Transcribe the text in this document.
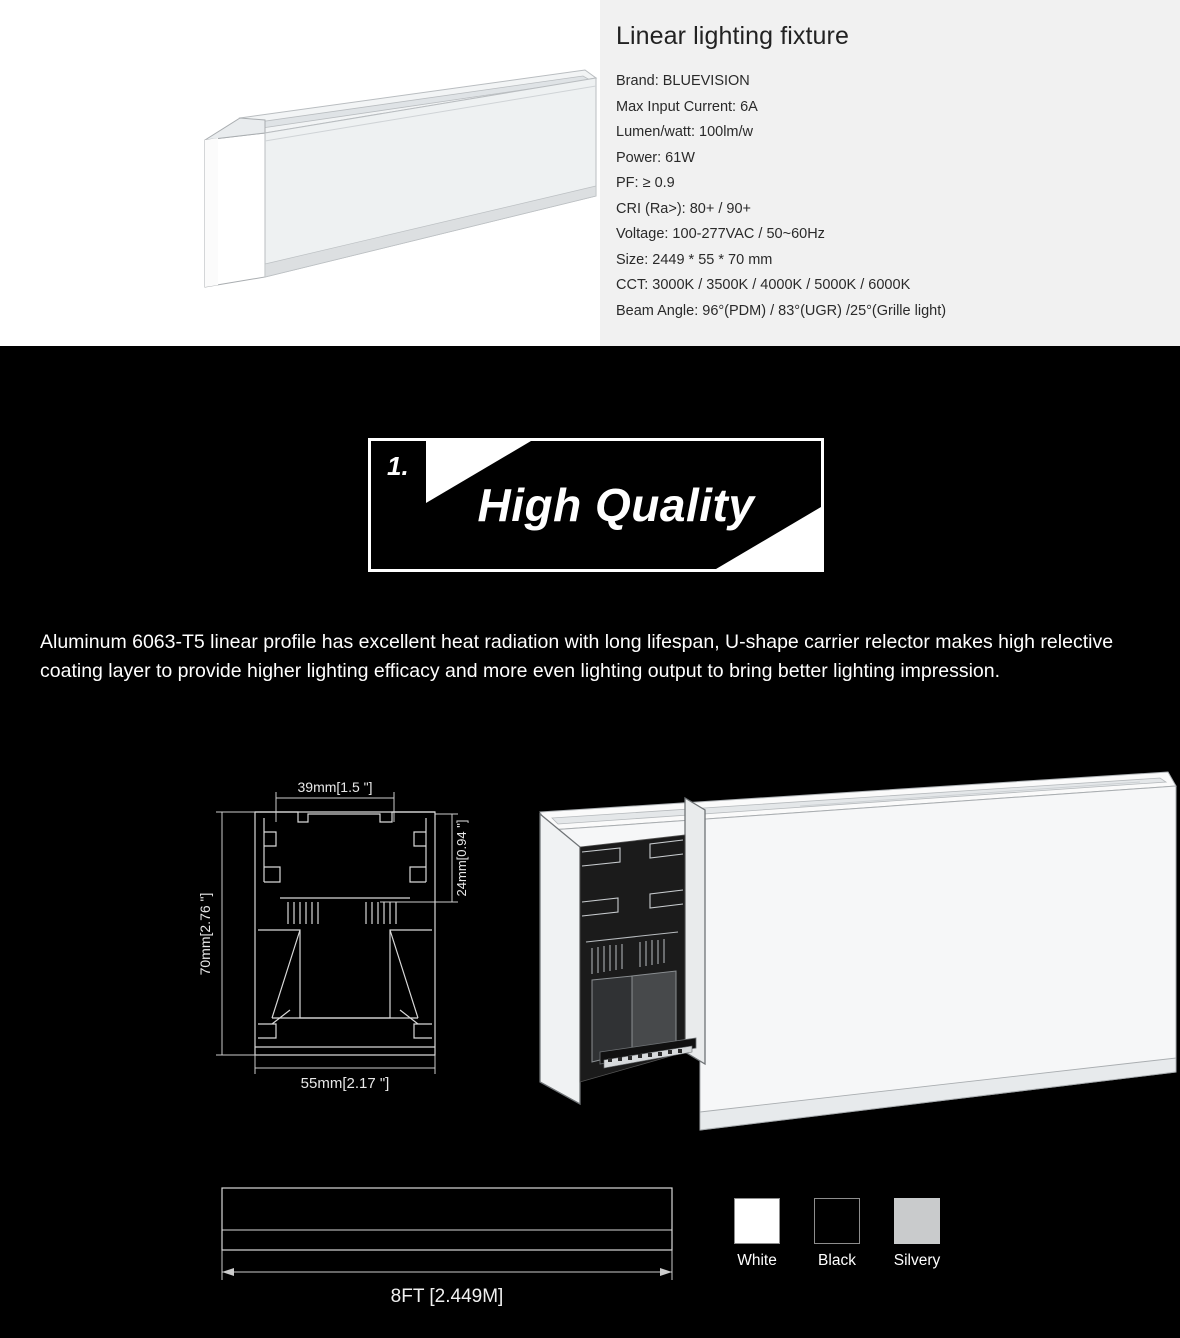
Linear lighting fixture
Brand: BLUEVISION
Max Input Current: 6A
Lumen/watt: 100lm/w
Power: 61W
PF: ≥ 0.9
CRI (Ra>): 80+ / 90+
Voltage: 100-277VAC / 50~60Hz
Size: 2449 * 55 * 70 mm
CCT: 3000K / 3500K / 4000K / 5000K / 6000K
Beam Angle: 96°(PDM) / 83°(UGR) /25°(Grille light)
1.
High Quality
Aluminum 6063-T5 linear profile has excellent heat radiation with long lifespan, U-shape carrier relector makes high relective coating layer to provide higher lighting efficacy and more even lighting output to bring better lighting impression.
39mm[1.5 "]
70mm[2.76 "]
24mm[0.94 "]
55mm[2.17 "]
8FT [2.449M]
White	Black	Silvery
